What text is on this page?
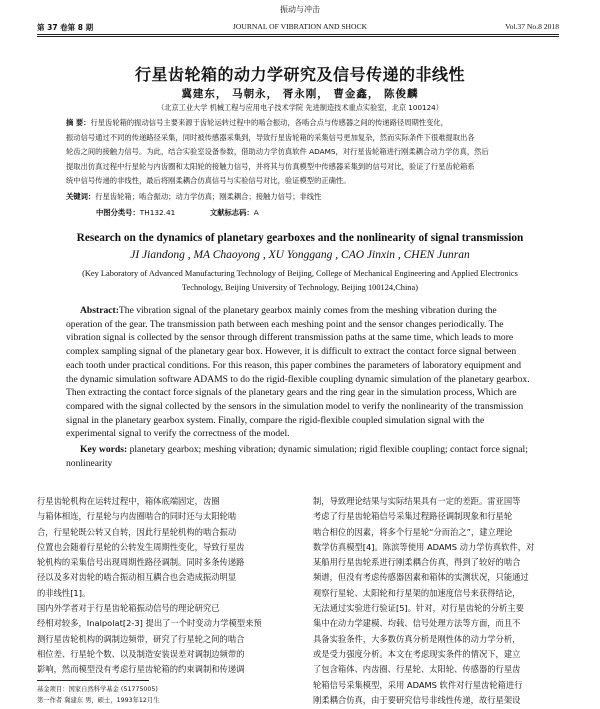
振动与冲击
第 37 卷第 8 期	JOURNAL OF VIBRATION AND SHOCK	Vol.37 No.8 2018
行星齿轮箱的动力学研究及信号传递的非线性
冀建东， 马朝永， 胥永刚， 曹金鑫， 陈俊麟
（北京工业大学 机械工程与应用电子技术学院 先进制造技术重点实验室，北京 100124）
摘 要：行星齿轮箱的振动信号主要来源于齿轮运转过程中的啮合振动，各啮合点与传感器之间的传递路径周期性变化，
振动信号通过不同的传递路径采集，同时被传感器采集到，导致行星齿轮箱的采集信号更加复杂，然而实际条件下很难提取出各
轮齿之间的接触力信号。为此，结合实验室设备参数，借助动力学仿真软件 ADAMS，对行星齿轮箱进行刚柔耦合动力学仿真，然后
提取出仿真过程中行星轮与内齿圈和太阳轮的接触力信号，并将其与仿真模型中传感器采集到的信号对比，验证了行星齿轮箱系
统中信号传递的非线性，最后将刚柔耦合仿真信号与实验信号对比，验证模型的正确性。
关键词：行星齿轮箱；啮合振动；动力学仿真；刚柔耦合；接触力信号；非线性
中图分类号：TH132.41	文献标志码：A
Research on the dynamics of planetary gearboxes and the nonlinearity of signal transmission
JI Jiandong , MA Chaoyong , XU Yonggang , CAO Jinxin , CHEN Junran
(Key Laboratory of Advanced Manufacturing Technology of Beijing, College of Mechanical Engineering and Applied Electronics
Technology, Beijing University of Technology, Beijing 100124,China)
Abstract:The vibration signal of the planetary gearbox mainly comes from the meshing vibration during the
operation of the gear. The transmission path between each meshing point and the sensor changes periodically. The
vibration signal is collected by the sensor through different transmission paths at the same time, which leads to more
complex sampling signal of the planetary gear box. However, it is difficult to extract the contact force signal between
each tooth under practical conditions. For this reason, this paper combines the parameters of laboratory equipment and
the dynamic simulation software ADAMS to do the rigid-flexible coupling dynamic simulation of the planetary gearbox.
Then extracting the contact force signals of the planetary gears and the ring gear in the simulation process, Which are
compared with the signal collected by the sensors in the simulation model to verify the nonlinearity of the transmission
signal in the planetary gearbox system. Finally, compare the rigid-flexible coupled simulation signal with the
experimental signal to verify the correctness of the model.
Key words: planetary gearbox; meshing vibration; dynamic simulation; rigid flexible coupling; contact force signal;
nonlinearity
行星齿轮机构在运转过程中，箱体底端固定，齿圈
与箱体相连，行星轮与内齿圈啮合的同时还与太阳轮啮
合，行星轮既公转又自转，因此行星轮机构的啮合振动
位置也会随着行星轮的公转发生周期性变化，导致行星齿
轮机构的采集信号出现周期性路径调制。同时多条传递路
径以及多对齿轮的啮合振动相互耦合也会造成振动明显
的非线性[1]。
国内外学者对于行星齿轮箱振动信号的理论研究已
经相对较多，Inalpolat[2-3] 提出了一个时变动力学模型来预
测行星齿轮机构的调制边频带，研究了行星轮之间的啮合
相位差、行星轮个数、以及制造安装误差对调制边频带的
影响，然而模型没有考虑行星齿轮箱的约束调制和传递调
制，导致理论结果与实际结果具有一定的差距。雷亚国等
考虑了行星齿轮箱信号采集过程路径调制现象和行星轮
啮合相位的因素，将多个行星轮“分而治之”，建立理论
数学仿真模型[4]。陈滨等使用 ADAMS 动力学仿真软件，对
某船用行星齿轮系进行刚柔耦合仿真，得到了较好的啮合
频谱，但没有考虑传感器因素和箱体的实测状况，只能通过
观察行星轮、太阳轮和行星架的加速度信号来获得结论，
无法通过实验进行验证[5]。针对，对行星齿轮的分析主要
集中在动力学建模、均载、信号处理方法等方面，而且不
具备实验条件，大多数仿真分析是刚性体的动力学分析，
或是受力强度分析。本文在考虑现实条件的情况下，建立
了包含箱体、内齿圈、行星轮、太阳轮、传感器的行星齿
轮箱信号采集模型，采用 ADAMS 软件对行星齿轮箱进行
刚柔耦合仿真，由于要研究信号非线性传递，故行星架设
基金项目：国家自然科学基金 (51775005)
第一作者 冀建东 男，硕士，1993年12月生
